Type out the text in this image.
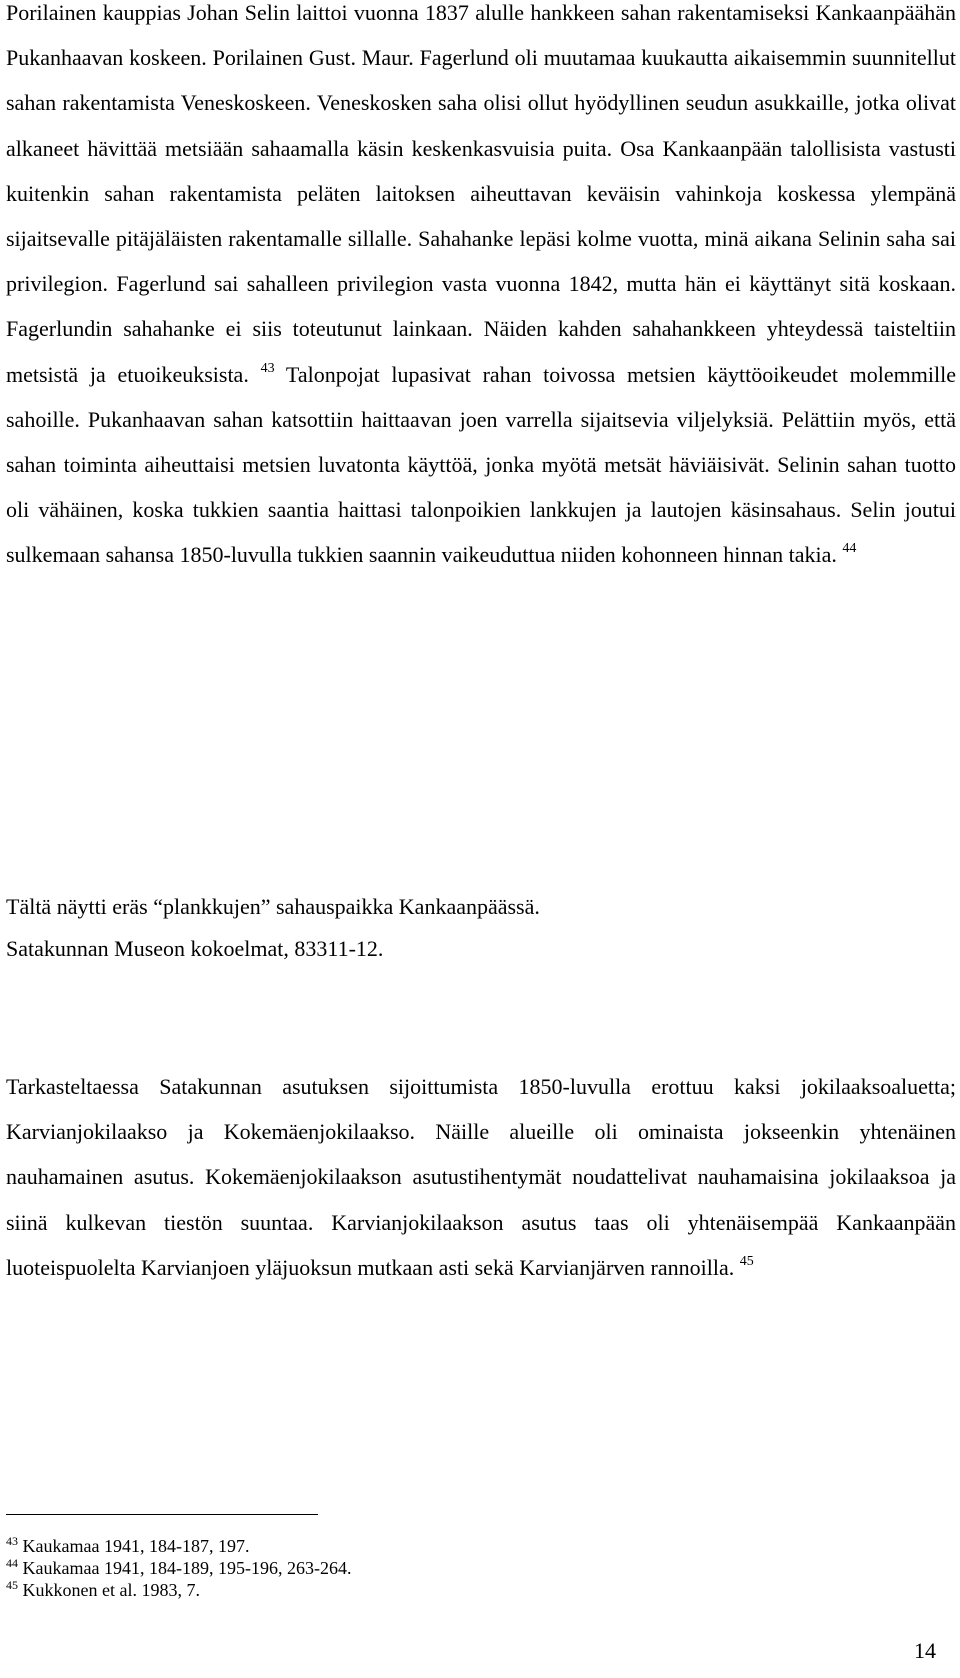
Porilainen kauppias Johan Selin laittoi vuonna 1837 alulle hankkeen sahan rakentamiseksi Kankaanpäähän Pukanhaavan koskeen. Porilainen Gust. Maur. Fagerlund oli muutamaa kuukautta aikaisemmin suunnitellut sahan rakentamista Veneskoskeen. Veneskosken saha olisi ollut hyödyllinen seudun asukkaille, jotka olivat alkaneet hävittää metsiään sahaamalla käsin keskenkasvuisia puita. Osa Kankaanpään talollisista vastusti kuitenkin sahan rakentamista peläten laitoksen aiheuttavan keväisin vahinkoja koskessa ylempänä sijaitsevalle pitäjäläisten rakentamalle sillalle. Sahahanke lepäsi kolme vuotta, minä aikana Selinin saha sai privilegion. Fagerlund sai sahalleen privilegion vasta vuonna 1842, mutta hän ei käyttänyt sitä koskaan. Fagerlundin sahahanke ei siis toteutunut lainkaan. Näiden kahden sahahankkeen yhteydessä taisteltiin metsistä ja etuoikeuksista. $^{43}$ Talonpojat lupasivat rahan toivossa metsien käyttöoikeudet molemmille sahoille. Pukanhaavan sahan katsottiin haittaavan joen varrella sijaitsevia viljelyksiä. Pelättiin myös, että sahan toiminta aiheuttaisi metsien luvatonta käyttöä, jonka myötä metsät häviäisivät. Selinin sahan tuotto oli vähäinen, koska tukkien saantia haittasi talonpoikien lankkujen ja lautojen käsinsahaus. Selin joutui sulkemaan sahansa 1850-luvulla tukkien saannin vaikeuduttua niiden kohonneen hinnan takia. $^{44}$

Tältä näytti eräs “plankkujen” sahauspaikka Kankaanpäässä.
Satakunnan Museon kokoelmat, 83311-12.

Tarkasteltaessa Satakunnan asutuksen sijoittumista 1850-luvulla erottuu kaksi jokilaaksoaluetta; Karvianjokilaakso ja Kokemäenjokilaakso. Näille alueille oli ominaista jokseenkin yhtenäinen nauhamainen asutus. Kokemäenjokilaakson asutustihentymät noudattelivat nauhamaisina jokilaaksoa ja siinä kulkevan tiestön suuntaa. Karvianjokilaakson asutus taas oli yhtenäisempää Kankaanpään luoteispuolelta Karvianjoen yläjuoksun mutkaan asti sekä Karvianjärven rannoilla. $^{45}$

$^{43}$ Kaukamaa 1941, 184-187, 197.
$^{44}$ Kaukamaa 1941, 184-189, 195-196, 263-264.
$^{45}$ Kukkonen et al. 1983, 7.
14
